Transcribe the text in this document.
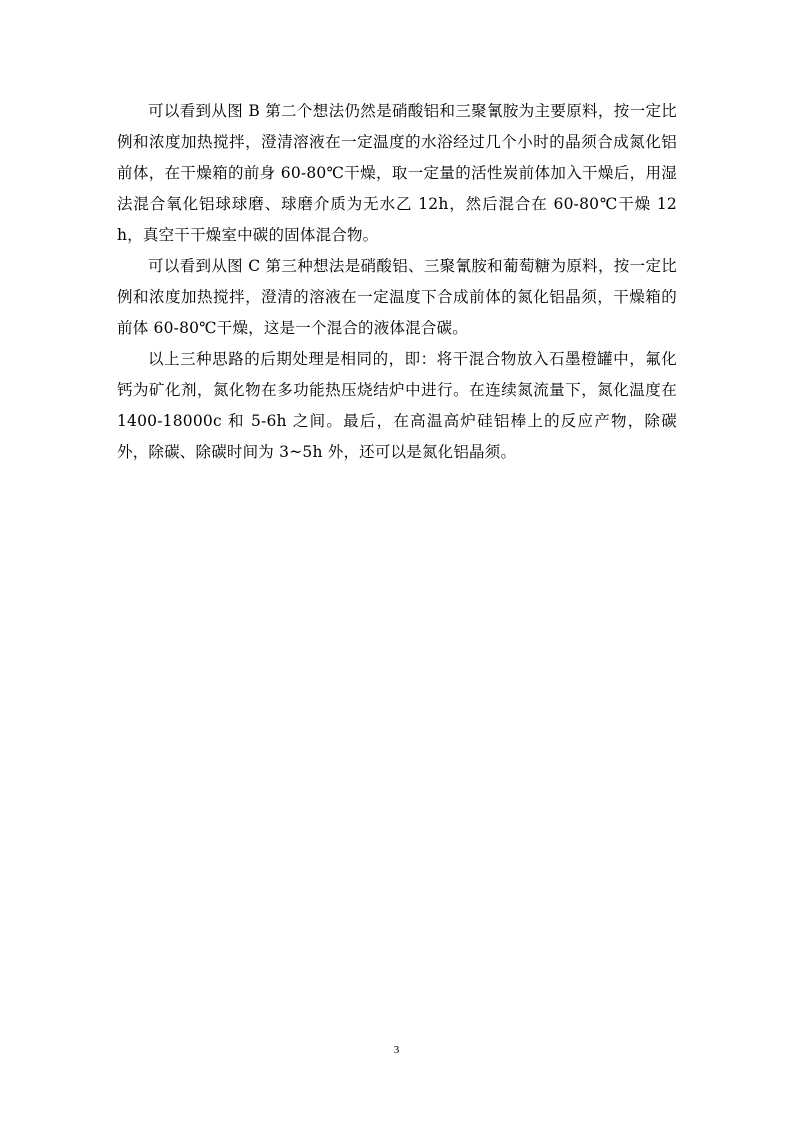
可以看到从图 B 第二个想法仍然是硝酸铝和三聚氰胺为主要原料，按一定比例和浓度加热搅拌，澄清溶液在一定温度的水浴经过几个小时的晶须合成氮化铝前体，在干燥箱的前身 60-80℃干燥，取一定量的活性炭前体加入干燥后，用湿法混合氧化铝球球磨、球磨介质为无水乙 12h，然后混合在 60-80℃干燥 12h，真空干干燥室中碳的固体混合物。

可以看到从图 C 第三种想法是硝酸铝、三聚氰胺和葡萄糖为原料，按一定比例和浓度加热搅拌，澄清的溶液在一定温度下合成前体的氮化铝晶须，干燥箱的前体 60-80℃干燥，这是一个混合的液体混合碳。

以上三种思路的后期处理是相同的，即：将干混合物放入石墨橙罐中，氟化钙为矿化剂，氮化物在多功能热压烧结炉中进行。在连续氮流量下，氮化温度在 1400-18000c 和 5-6h 之间。最后，在高温高炉硅铝棒上的反应产物，除碳外，除碳、除碳时间为 3~5h 外，还可以是氮化铝晶须。

3
